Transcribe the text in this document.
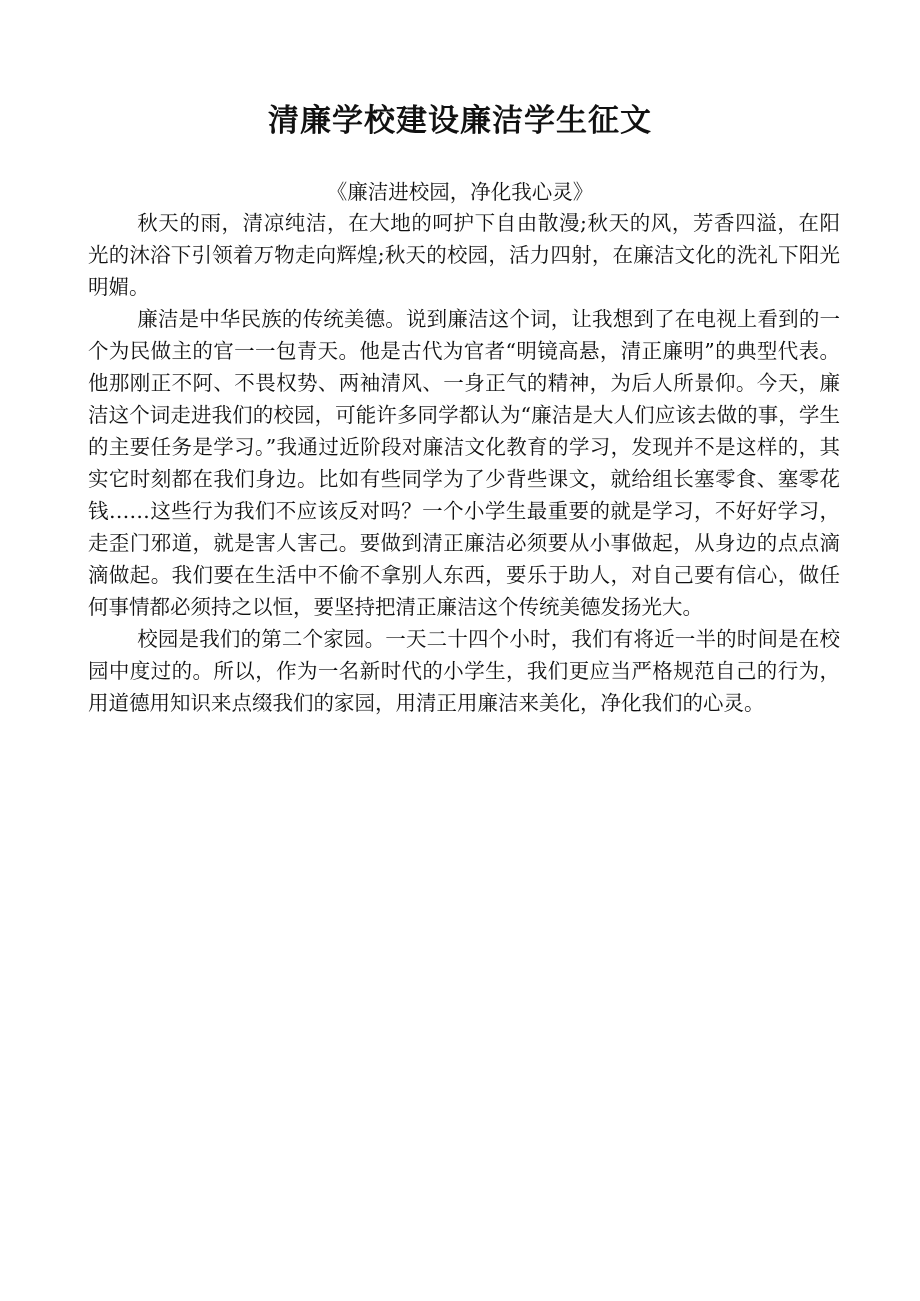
清廉学校建设廉洁学生征文

《廉洁进校园，净化我心灵》

秋天的雨，清凉纯洁，在大地的呵护下自由散漫;秋天的风，芳香四溢，在阳光的沐浴下引领着万物走向辉煌;秋天的校园，活力四射，在廉洁文化的洗礼下阳光明媚。

廉洁是中华民族的传统美德。说到廉洁这个词，让我想到了在电视上看到的一个为民做主的官一一包青天。他是古代为官者“明镜高悬，清正廉明”的典型代表。他那刚正不阿、不畏权势、两袖清风、一身正气的精神，为后人所景仰。今天，廉洁这个词走进我们的校园，可能许多同学都认为“廉洁是大人们应该去做的事，学生的主要任务是学习。”我通过近阶段对廉洁文化教育的学习，发现并不是这样的，其实它时刻都在我们身边。比如有些同学为了少背些课文，就给组长塞零食、塞零花钱……这些行为我们不应该反对吗？一个小学生最重要的就是学习，不好好学习，走歪门邪道，就是害人害己。要做到清正廉洁必须要从小事做起，从身边的点点滴滴做起。我们要在生活中不偷不拿别人东西，要乐于助人，对自己要有信心，做任何事情都必须持之以恒，要坚持把清正廉洁这个传统美德发扬光大。

校园是我们的第二个家园。一天二十四个小时，我们有将近一半的时间是在校园中度过的。所以，作为一名新时代的小学生，我们更应当严格规范自己的行为，用道德用知识来点缀我们的家园，用清正用廉洁来美化，净化我们的心灵。
